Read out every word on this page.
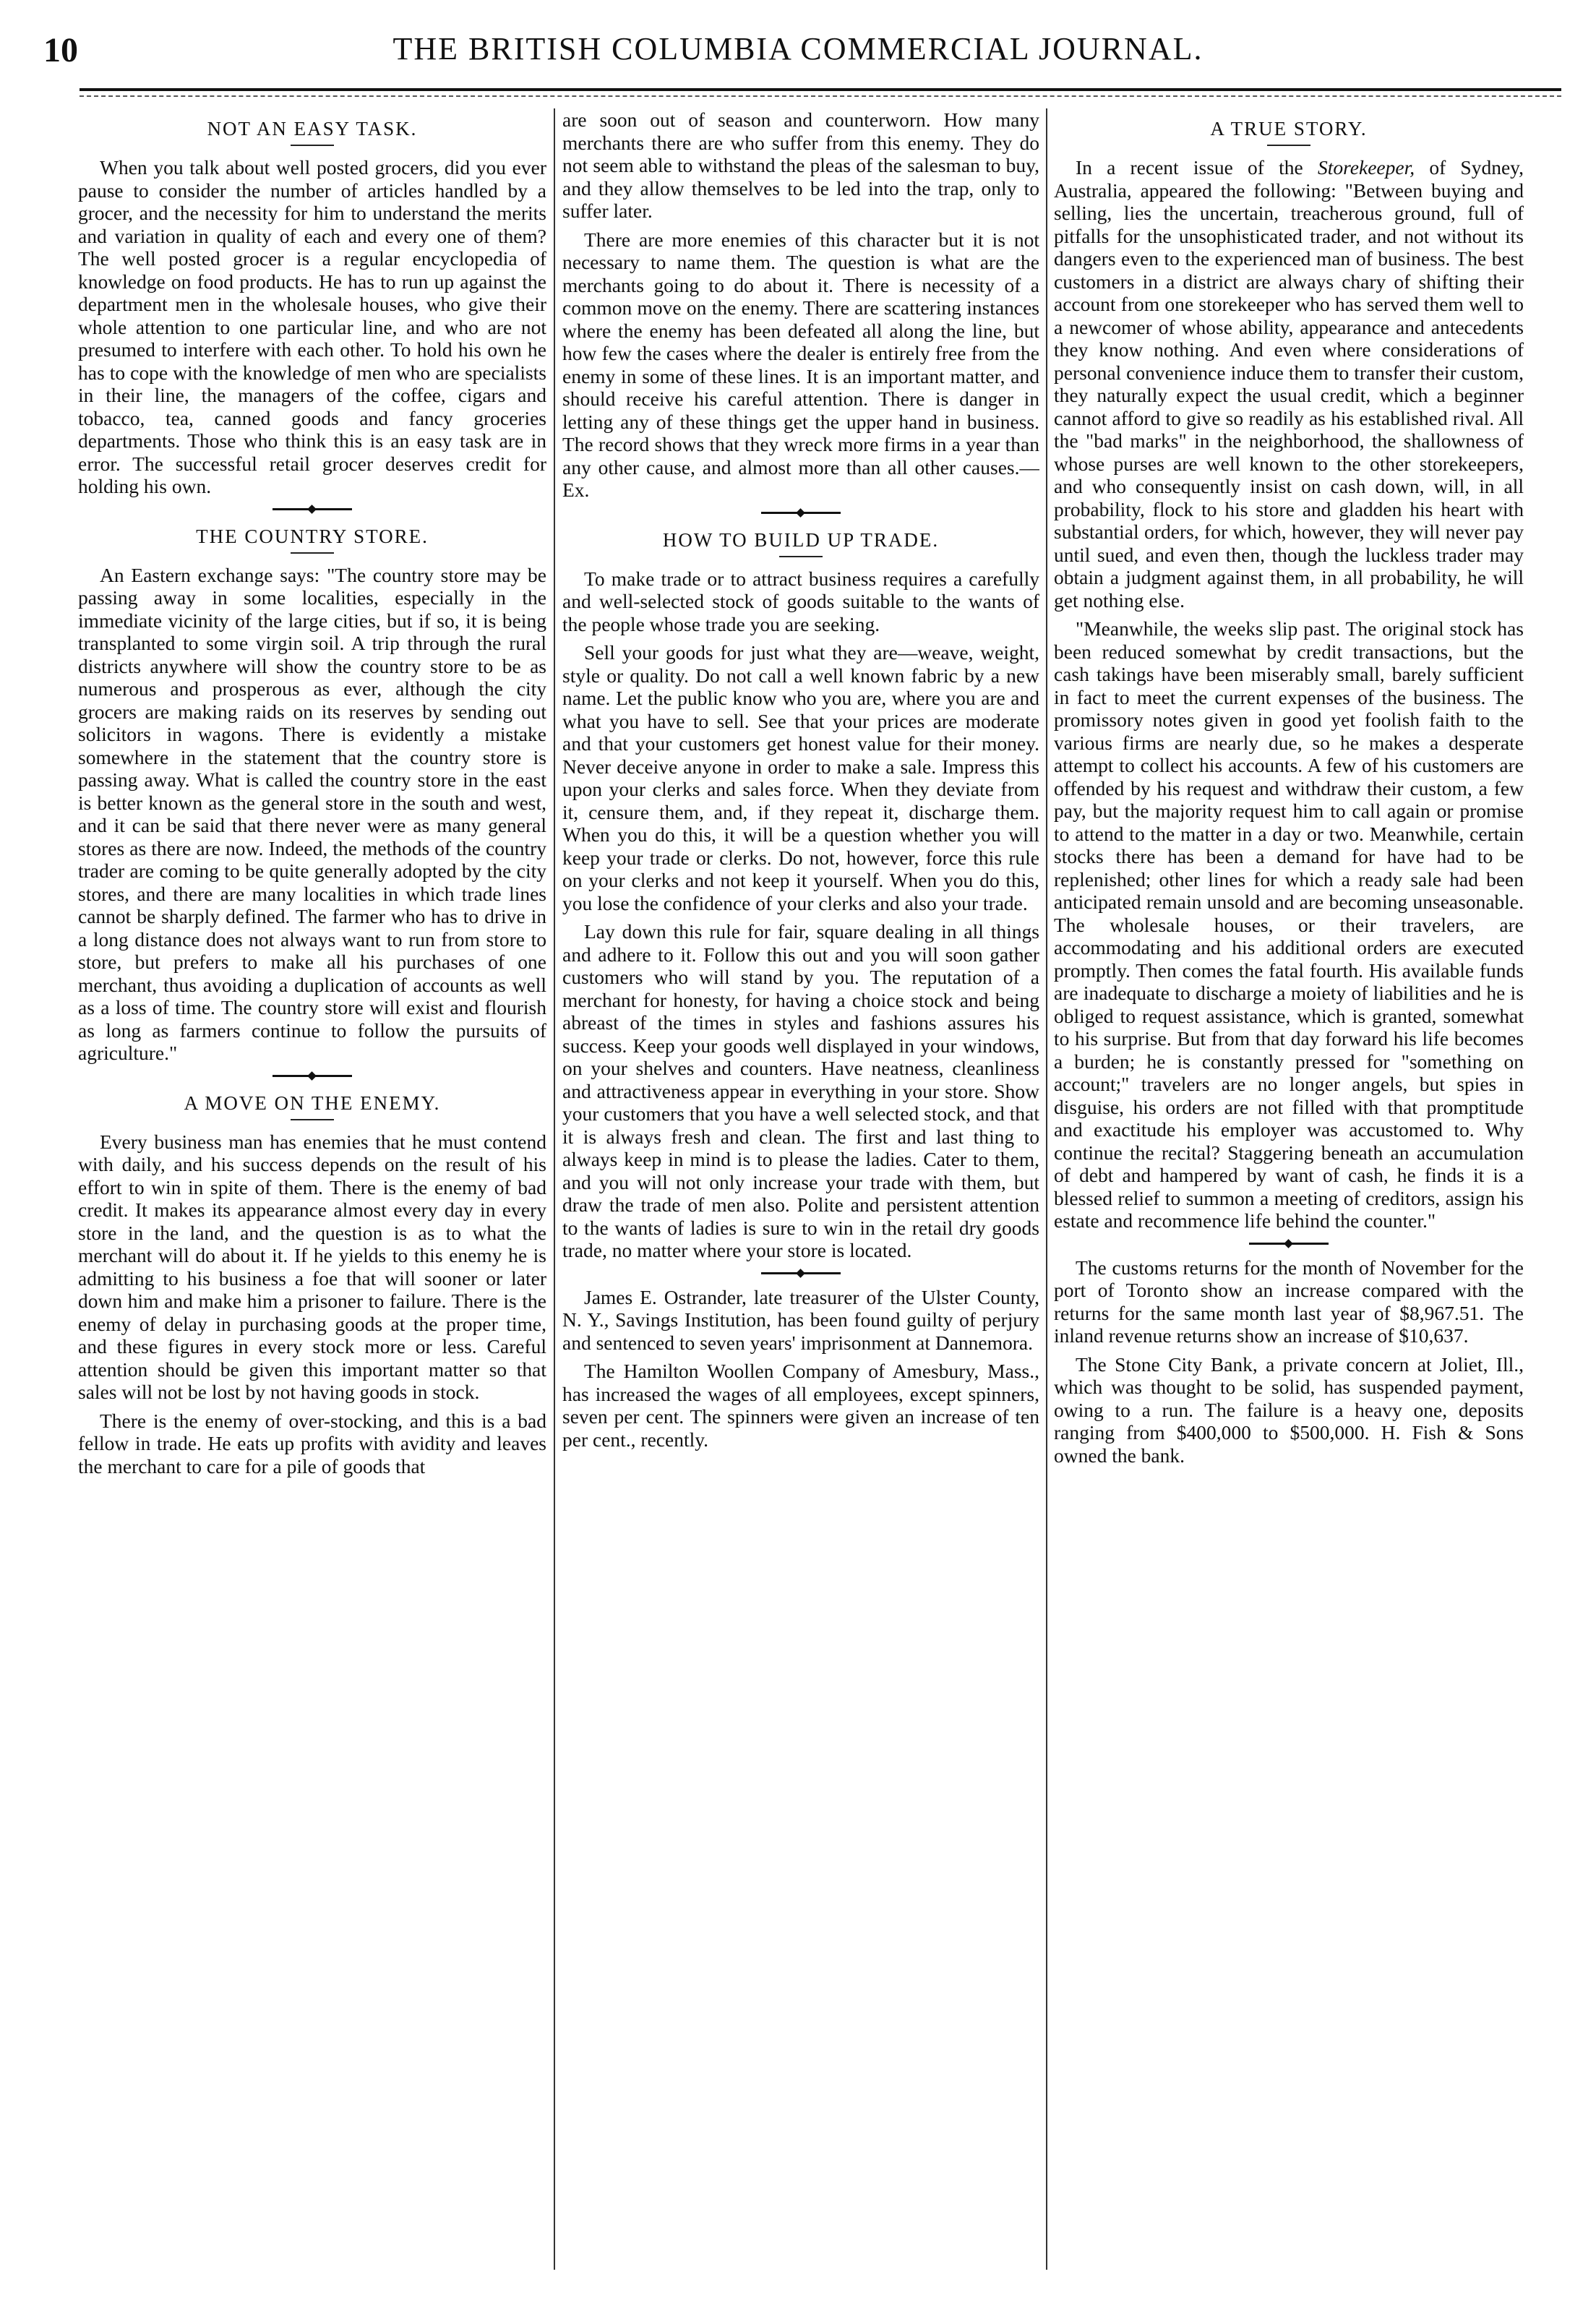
10	THE BRITISH COLUMBIA COMMERCIAL JOURNAL.
NOT AN EASY TASK.

When you talk about well posted grocers, did you ever pause to consider the number of articles handled by a grocer, and the necessity for him to understand the merits and variation in quality of each and every one of them? The well posted grocer is a regular encyclopedia of knowledge on food products. He has to run up against the department men in the wholesale houses, who give their whole attention to one particular line, and who are not presumed to interfere with each other. To hold his own he has to cope with the knowledge of men who are specialists in their line, the managers of the coffee, cigars and tobacco, tea, canned goods and fancy groceries departments. Those who think this is an easy task are in error. The successful retail grocer deserves credit for holding his own.

THE COUNTRY STORE.

An Eastern exchange says: "The country store may be passing away in some localities, especially in the immediate vicinity of the large cities, but if so, it is being transplanted to some virgin soil. A trip through the rural districts anywhere will show the country store to be as numerous and prosperous as ever, although the city grocers are making raids on its reserves by sending out solicitors in wagons. There is evidently a mistake somewhere in the statement that the country store is passing away. What is called the country store in the east is better known as the general store in the south and west, and it can be said that there never were as many general stores as there are now. Indeed, the methods of the country trader are coming to be quite generally adopted by the city stores, and there are many localities in which trade lines cannot be sharply defined. The farmer who has to drive in a long distance does not always want to run from store to store, but prefers to make all his purchases of one merchant, thus avoiding a duplication of accounts as well as a loss of time. The country store will exist and flourish as long as farmers continue to follow the pursuits of agriculture."

A MOVE ON THE ENEMY.

Every business man has enemies that he must contend with daily, and his success depends on the result of his effort to win in spite of them. There is the enemy of bad credit. It makes its appearance almost every day in every store in the land, and the question is as to what the merchant will do about it. If he yields to this enemy he is admitting to his business a foe that will sooner or later down him and make him a prisoner to failure. There is the enemy of delay in purchasing goods at the proper time, and these figures in every stock more or less. Careful attention should be given this important matter so that sales will not be lost by not having goods in stock.

There is the enemy of over-stocking, and this is a bad fellow in trade. He eats up profits with avidity and leaves the merchant to care for a pile of goods that

are soon out of season and counterworn. How many merchants there are who suffer from this enemy. They do not seem able to withstand the pleas of the salesman to buy, and they allow themselves to be led into the trap, only to suffer later.

There are more enemies of this character but it is not necessary to name them. The question is what are the merchants going to do about it. There is necessity of a common move on the enemy. There are scattering instances where the enemy has been defeated all along the line, but how few the cases where the dealer is entirely free from the enemy in some of these lines. It is an important matter, and should receive his careful attention. There is danger in letting any of these things get the upper hand in business. The record shows that they wreck more firms in a year than any other cause, and almost more than all other causes.—Ex.

HOW TO BUILD UP TRADE.

To make trade or to attract business requires a carefully and well-selected stock of goods suitable to the wants of the people whose trade you are seeking.

Sell your goods for just what they are—weave, weight, style or quality. Do not call a well known fabric by a new name. Let the public know who you are, where you are and what you have to sell. See that your prices are moderate and that your customers get honest value for their money. Never deceive anyone in order to make a sale. Impress this upon your clerks and sales force. When they deviate from it, censure them, and, if they repeat it, discharge them. When you do this, it will be a question whether you will keep your trade or clerks. Do not, however, force this rule on your clerks and not keep it yourself. When you do this, you lose the confidence of your clerks and also your trade.

Lay down this rule for fair, square dealing in all things and adhere to it. Follow this out and you will soon gather customers who will stand by you. The reputation of a merchant for honesty, for having a choice stock and being abreast of the times in styles and fashions assures his success. Keep your goods well displayed in your windows, on your shelves and counters. Have neatness, cleanliness and attractiveness appear in everything in your store. Show your customers that you have a well selected stock, and that it is always fresh and clean. The first and last thing to always keep in mind is to please the ladies. Cater to them, and you will not only increase your trade with them, but draw the trade of men also. Polite and persistent attention to the wants of ladies is sure to win in the retail dry goods trade, no matter where your store is located.

James E. Ostrander, late treasurer of the Ulster County, N. Y., Savings Institution, has been found guilty of perjury and sentenced to seven years' imprisonment at Dannemora.

The Hamilton Woollen Company of Amesbury, Mass., has increased the wages of all employees, except spinners, seven per cent. The spinners were given an increase of ten per cent., recently.

A TRUE STORY.

In a recent issue of the Storekeeper, of Sydney, Australia, appeared the following: "Between buying and selling, lies the uncertain, treacherous ground, full of pitfalls for the unsophisticated trader, and not without its dangers even to the experienced man of business. The best customers in a district are always chary of shifting their account from one storekeeper who has served them well to a newcomer of whose ability, appearance and antecedents they know nothing. And even where considerations of personal convenience induce them to transfer their custom, they naturally expect the usual credit, which a beginner cannot afford to give so readily as his established rival. All the "bad marks" in the neighborhood, the shallowness of whose purses are well known to the other storekeepers, and who consequently insist on cash down, will, in all probability, flock to his store and gladden his heart with substantial orders, for which, however, they will never pay until sued, and even then, though the luckless trader may obtain a judgment against them, in all probability, he will get nothing else.

"Meanwhile, the weeks slip past. The original stock has been reduced somewhat by credit transactions, but the cash takings have been miserably small, barely sufficient in fact to meet the current expenses of the business. The promissory notes given in good yet foolish faith to the various firms are nearly due, so he makes a desperate attempt to collect his accounts. A few of his customers are offended by his request and withdraw their custom, a few pay, but the majority request him to call again or promise to attend to the matter in a day or two. Meanwhile, certain stocks there has been a demand for have had to be replenished; other lines for which a ready sale had been anticipated remain unsold and are becoming unseasonable. The wholesale houses, or their travelers, are accommodating and his additional orders are executed promptly. Then comes the fatal fourth. His available funds are inadequate to discharge a moiety of liabilities and he is obliged to request assistance, which is granted, somewhat to his surprise. But from that day forward his life becomes a burden; he is constantly pressed for "something on account;" travelers are no longer angels, but spies in disguise, his orders are not filled with that promptitude and exactitude his employer was accustomed to. Why continue the recital? Staggering beneath an accumulation of debt and hampered by want of cash, he finds it is a blessed relief to summon a meeting of creditors, assign his estate and recommence life behind the counter."

The customs returns for the month of November for the port of Toronto show an increase compared with the returns for the same month last year of $8,967.51. The inland revenue returns show an increase of $10,637.

The Stone City Bank, a private concern at Joliet, Ill., which was thought to be solid, has suspended payment, owing to a run. The failure is a heavy one, deposits ranging from $400,000 to $500,000. H. Fish & Sons owned the bank.
